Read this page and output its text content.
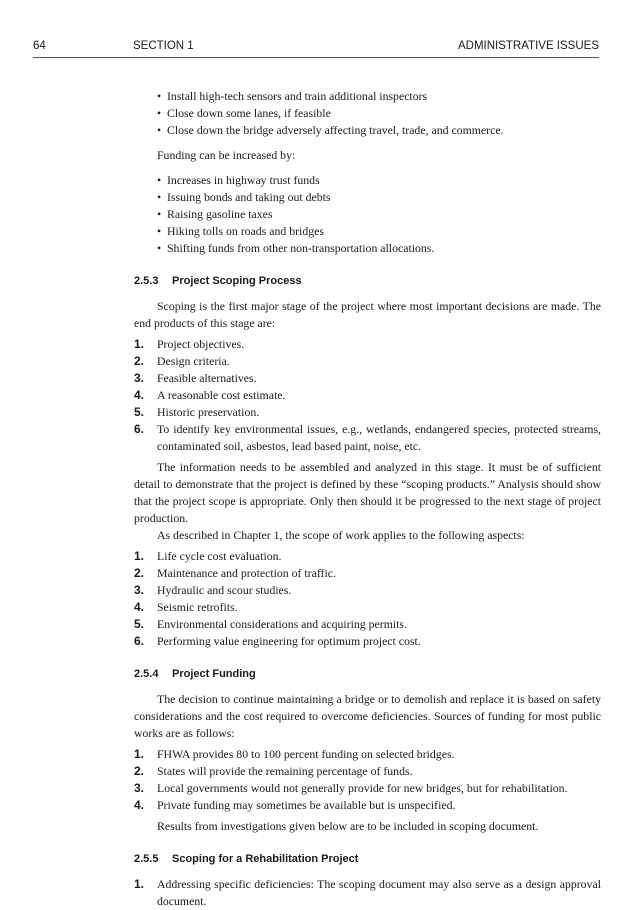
64	SECTION 1	ADMINISTRATIVE ISSUES
• Install high-tech sensors and train additional inspectors
• Close down some lanes, if feasible
• Close down the bridge adversely affecting travel, trade, and commerce.

Funding can be increased by:

• Increases in highway trust funds
• Issuing bonds and taking out debts
• Raising gasoline taxes
• Hiking tolls on roads and bridges
• Shifting funds from other non-transportation allocations.
2.5.3 Project Scoping Process

Scoping is the first major stage of the project where most important decisions are made. The end products of this stage are:

1. Project objectives.
2. Design criteria.
3. Feasible alternatives.
4. A reasonable cost estimate.
5. Historic preservation.
6. To identify key environmental issues, e.g., wetlands, endangered species, protected streams, contaminated soil, asbestos, lead based paint, noise, etc.

The information needs to be assembled and analyzed in this stage. It must be of sufficient detail to demonstrate that the project is defined by these “scoping products.” Analysis should show that the project scope is appropriate. Only then should it be progressed to the next stage of project production.

As described in Chapter 1, the scope of work applies to the following aspects:

1. Life cycle cost evaluation.
2. Maintenance and protection of traffic.
3. Hydraulic and scour studies.
4. Seismic retrofits.
5. Environmental considerations and acquiring permits.
6. Performing value engineering for optimum project cost.
2.5.4 Project Funding

The decision to continue maintaining a bridge or to demolish and replace it is based on safety considerations and the cost required to overcome deficiencies. Sources of funding for most public works are as follows:

1. FHWA provides 80 to 100 percent funding on selected bridges.
2. States will provide the remaining percentage of funds.
3. Local governments would not generally provide for new bridges, but for rehabilitation.
4. Private funding may sometimes be available but is unspecified.

Results from investigations given below are to be included in scoping document.

2.5.5 Scoping for a Rehabilitation Project
1. Addressing specific deficiencies: The scoping document may also serve as a design approval document.
